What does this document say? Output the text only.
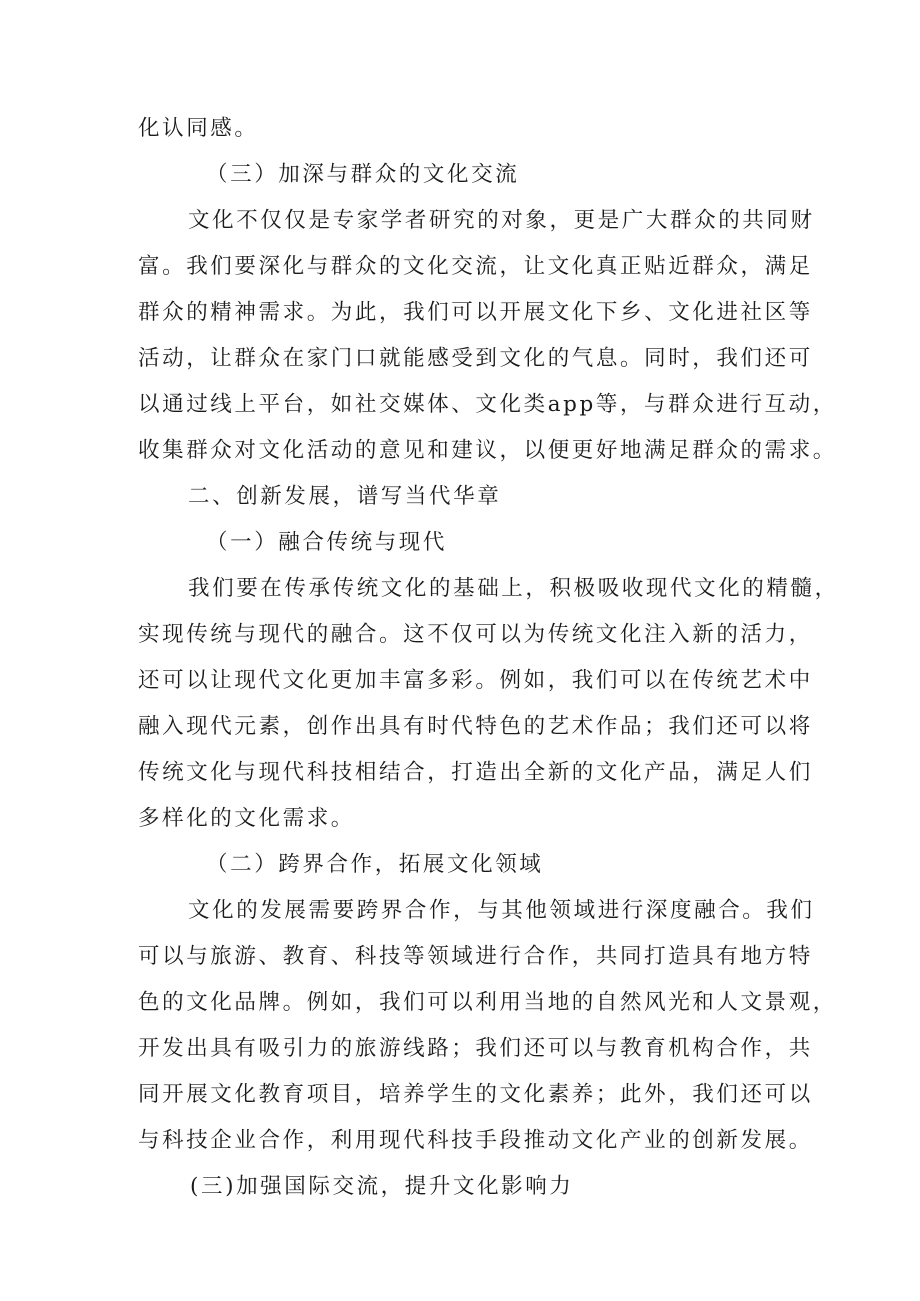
化认同感。
（三）加深与群众的文化交流
文化不仅仅是专家学者研究的对象，更是广大群众的共同财
富。我们要深化与群众的文化交流，让文化真正贴近群众，满足
群众的精神需求。为此，我们可以开展文化下乡、文化进社区等
活动，让群众在家门口就能感受到文化的气息。同时，我们还可
以通过线上平台，如社交媒体、文化类app等，与群众进行互动，
收集群众对文化活动的意见和建议，以便更好地满足群众的需求。
二、创新发展，谱写当代华章
（一）融合传统与现代
我们要在传承传统文化的基础上，积极吸收现代文化的精髓，
实现传统与现代的融合。这不仅可以为传统文化注入新的活力，
还可以让现代文化更加丰富多彩。例如，我们可以在传统艺术中
融入现代元素，创作出具有时代特色的艺术作品；我们还可以将
传统文化与现代科技相结合，打造出全新的文化产品，满足人们
多样化的文化需求。
（二）跨界合作，拓展文化领域
文化的发展需要跨界合作，与其他领域进行深度融合。我们
可以与旅游、教育、科技等领域进行合作，共同打造具有地方特
色的文化品牌。例如，我们可以利用当地的自然风光和人文景观，
开发出具有吸引力的旅游线路；我们还可以与教育机构合作，共
同开展文化教育项目，培养学生的文化素养；此外，我们还可以
与科技企业合作，利用现代科技手段推动文化产业的创新发展。
(三)加强国际交流，提升文化影响力
